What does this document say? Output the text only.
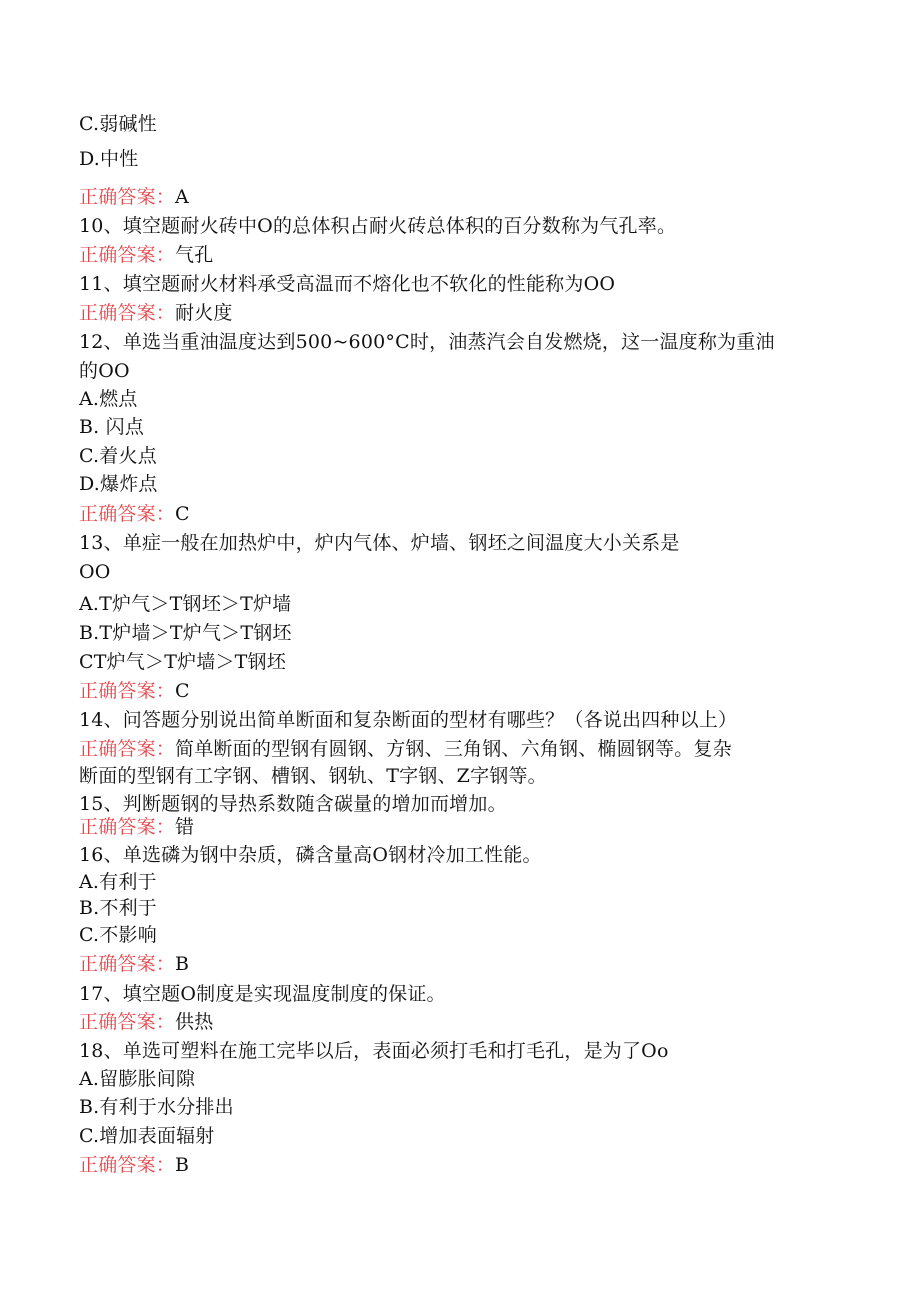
C.弱碱性
D.中性
正确答案：A
10、填空题耐火砖中O的总体积占耐火砖总体积的百分数称为气孔率。
正确答案：气孔
11、填空题耐火材料承受高温而不熔化也不软化的性能称为OO
正确答案：耐火度
12、单选当重油温度达到500~600°C时，油蒸汽会自发燃烧，这一温度称为重油
的OO
A.燃点
B. 闪点
C.着火点
D.爆炸点
正确答案：C
13、单症一般在加热炉中，炉内气体、炉墙、钢坯之间温度大小关系是
OO
A.T炉气＞T钢坯＞T炉墙
B.T炉墙＞T炉气＞T钢坯
CT炉气＞T炉墙＞T钢坯
正确答案：C
14、问答题分别说出简单断面和复杂断面的型材有哪些？（各说出四种以上）
正确答案：简单断面的型钢有圆钢、方钢、三角钢、六角钢、椭圆钢等。复杂
断面的型钢有工字钢、槽钢、钢轨、T字钢、Z字钢等。
15、判断题钢的导热系数随含碳量的增加而增加。
正确答案：错
16、单选磷为钢中杂质，磷含量高O钢材冷加工性能。
A.有利于
B.不利于
C.不影响
正确答案：B
17、填空题O制度是实现温度制度的保证。
正确答案：供热
18、单选可塑料在施工完毕以后，表面必须打毛和打毛孔，是为了Oo
A.留膨胀间隙
B.有利于水分排出
C.增加表面辐射
正确答案：B
